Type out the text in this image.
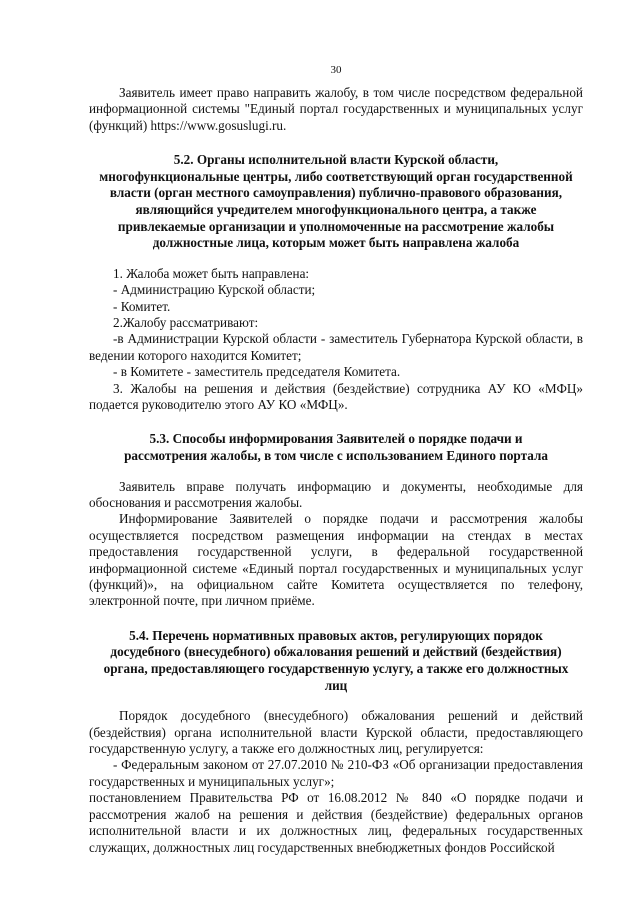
30

Заявитель имеет право направить жалобу, в том числе посредством федеральной информационной системы "Единый портал государственных и муниципальных услуг (функций) https://www.gosuslugi.ru.

5.2. Органы исполнительной власти Курской области,
многофункциональные центры, либо соответствующий орган государственной
власти (орган местного самоуправления) публично-правового образования,
являющийся учредителем многофункционального центра, а также
привлекаемые организации и уполномоченные на рассмотрение жалобы
должностные лица, которым может быть направлена жалоба

1. Жалоба может быть направлена:

- Администрацию Курской области;

- Комитет.

2.Жалобу рассматривают:

-в Администрации Курской области - заместитель Губернатора Курской области, в ведении которого находится Комитет;

- в Комитете - заместитель председателя Комитета.

3. Жалобы на решения и действия (бездействие) сотрудника АУ КО «МФЦ» подается руководителю этого АУ КО «МФЦ».

5.3. Способы информирования Заявителей о порядке подачи и
рассмотрения жалобы, в том числе с использованием Единого портала

Заявитель вправе получать информацию и документы, необходимые для обоснования и рассмотрения жалобы.

Информирование Заявителей о порядке подачи и рассмотрения жалобы осуществляется посредством размещения информации на стендах в местах предоставления государственной услуги, в федеральной государственной информационной системе «Единый портал государственных и муниципальных услуг (функций)», на официальном сайте Комитета осуществляется по телефону, электронной почте, при личном приёме.

5.4. Перечень нормативных правовых актов, регулирующих порядок
досудебного (внесудебного) обжалования решений и действий (бездействия)
органа, предоставляющего государственную услугу, а также его должностных
лиц

Порядок досудебного (внесудебного) обжалования решений и действий (бездействия) органа исполнительной власти Курской области, предоставляющего государственную услугу, а также его должностных лиц, регулируется:

- Федеральным законом от 27.07.2010 № 210-ФЗ «Об организации предоставления государственных и муниципальных услуг»;

постановлением Правительства РФ от 16.08.2012 № 840 «О порядке подачи и рассмотрения жалоб на решения и действия (бездействие) федеральных органов исполнительной власти и их должностных лиц, федеральных государственных служащих, должностных лиц государственных внебюджетных фондов Российской
